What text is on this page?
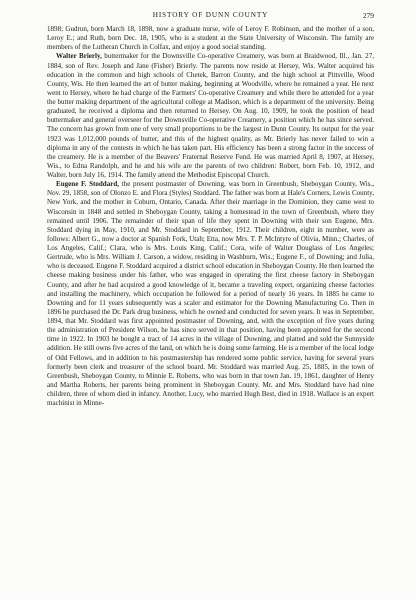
HISTORY OF DUNN COUNTY	279

1898; Gudrun, born March 18, 1898, now a graduate nurse, wife of Leroy F. Robinson, and the mother of a son, Leroy E.; and Ruth, born Dec. 18, 1905, who is a student at the State University of Wisconsin. The family are members of the Lutheran Church in Colfax, and enjoy a good social standing.

Walter Brierly, buttermaker for the Downsville Co-operative Creamery, was born at Braidwood, Ill., Jan. 27, 1884, son of Rev. Joseph and Jane (Fisher) Brierly. The parents now reside at Hersey, Wis. Walter acquired his education in the common and high schools of Chetek, Barron County, and the high school at Pittsville, Wood County, Wis. He then learned the art of butter making, beginning at Woodville, where he remained a year. He next went to Hersey, where he had charge of the Farmers' Co-operative Creamery and while there he attended for a year the butter making department of the agricultural college at Madison, which is a department of the university. Being graduated, he received a diploma and then returned to Hersey. On Aug. 10, 1909, he took the position of head buttermaker and general overseer for the Downsville Co-operative Creamery, a position which he has since served. The concern has grown from one of very small proportions to be the largest in Dunn County. Its output for the year 1923 was 1,012,000 pounds of butter, and this of the highest quality, as Mr. Brierly has never failed to win a diploma in any of the contests in which he has taken part. His efficiency has been a strong factor in the success of the creamery. He is a member of the Beavers' Fraternal Reserve Fund. He was married April 8, 1907, at Hersey, Wis., to Edna Randolph, and he and his wife are the parents of two children: Robert, born Feb. 10, 1912, and Walter, born July 16, 1914. The family attend the Methodist Episcopal Church.

Eugene F. Stoddard, the present postmaster of Downing, was born in Greenbush, Sheboygan County, Wis., Nov. 29, 1858, son of Olonzo E. and Flora (Styles) Stoddard. The father was born at Hale's Corners, Lewis County, New York, and the mother in Coburn, Ontario, Canada. After their marriage in the Dominion, they came west to Wisconsin in 1848 and settled in Sheboygan County, taking a homestead in the town of Greenbush, where they remained until 1906. The remainder of their span of life they spent in Downing with their son Eugene, Mrs. Stoddard dying in May, 1910, and Mr. Stoddard in September, 1912. Their children, eight in number, were as follows: Albert G., now a doctor at Spanish Fork, Utah; Etta, now Mrs. T. P. McIntyre of Olivia, Minn.; Charles, of Los Angeles, Calif.; Clara, who is Mrs. Louis King, Calif.; Cora, wife of Walter Douglass of Los Angeles; Gertrude, who is Mrs. William J. Carson, a widow, residing in Washburn, Wis.; Eugene F., of Downing; and Julia, who is deceased. Eugene F. Stoddard acquired a district school education in Sheboygan County. He then learned the cheese making business under his father, who was engaged in operating the first cheese factory in Sheboygan County, and after he had acquired a good knowledge of it, became a traveling expert, organizing cheese factories and installing the machinery, which occupation he followed for a period of nearly 16 years. In 1885 he came to Downing and for 11 years subsequently was a scaler and estimator for the Downing Manufacturing Co. Then in 1896 he purchased the Dr. Park drug business, which he owned and conducted for seven years. It was in September, 1894, that Mr. Stoddard was first appointed postmaster of Downing, and, with the exception of five years during the administration of President Wilson, he has since served in that position, having been appointed for the second time in 1922. In 1903 he bought a tract of 14 acres in the village of Downing, and platted and sold the Sunnyside addition. He still owns five acres of the land, on which he is doing some farming. He is a member of the local lodge of Odd Fellows, and in addition to his postmastership has rendered some public service, having for several years formerly been clerk and treasurer of the school board. Mr. Stoddard was married Aug. 25, 1885, in the town of Greenbush, Sheboygan County, to Minnie E. Roberts, who was born in that town Jan. 19, 1861, daughter of Henry and Martha Roberts, her parents being prominent in Sheboygan County. Mr. and Mrs. Stoddard have had nine children, three of whom died in infancy. Another, Lucy, who married Hugh Best, died in 1918. Wallace is an expert machinist in Minne-
